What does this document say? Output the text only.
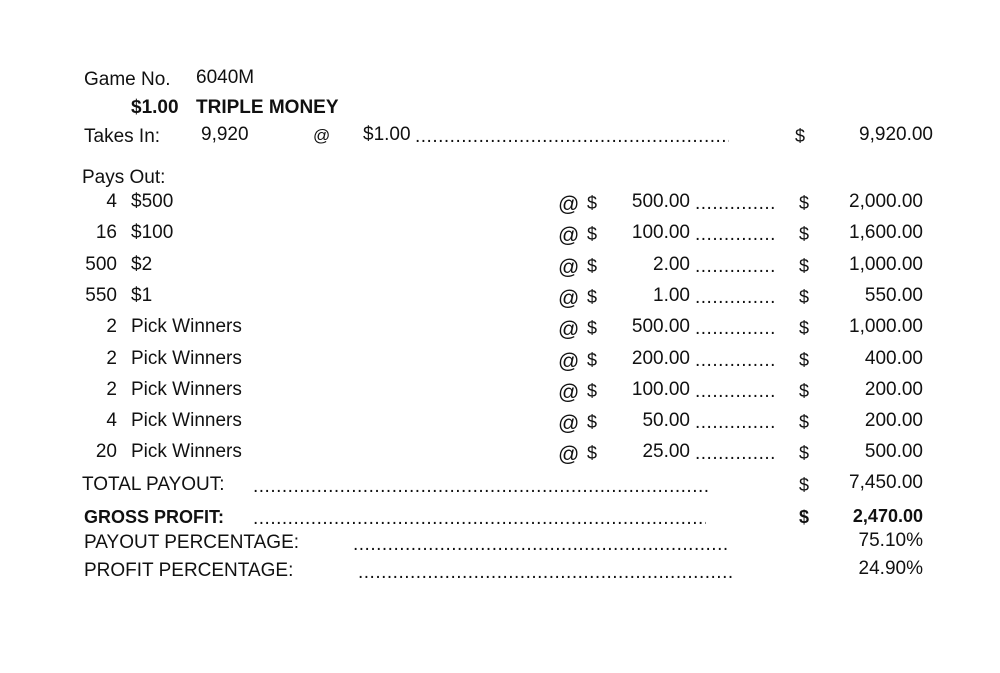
Game No. 6040M
$1.00 TRIPLE MONEY
Takes In: 9,920	@ $1.00 .....	$	9,920.00
Pays Out:
4 $500	@ $	500.00 .....	$	2,000.00
16 $100	@ $	100.00 .....	$	1,600.00
500 $2	@ $	2.00 .....	$	1,000.00
550 $1	@ $	1.00 .....	$	550.00
2 Pick Winners	@ $	500.00 .....	$	1,000.00
2 Pick Winners	@ $	200.00 .....	$	400.00
2 Pick Winners	@ $	100.00 .....	$	200.00
4 Pick Winners	@ $	50.00 .....	$	200.00
20 Pick Winners	@ $	25.00 .....	$	500.00
TOTAL PAYOUT: .....	$	7,450.00
GROSS PROFIT: .....	$	2,470.00
PAYOUT PERCENTAGE: .....	75.10%
PROFIT PERCENTAGE: .....	24.90%
